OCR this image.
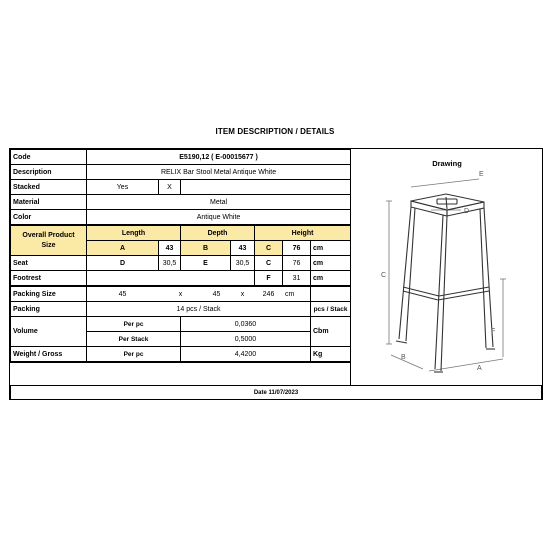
ITEM DESCRIPTION / DETAILS
Code	E5190,12 ( E-00015677 )							
Description	RELIX Bar Stool Metal Antique White							
Stacked	Yes	X						
Material	Metal							
Color	Antique White							
Overall Product
Size	Length		Depth			Height		
	A	43	B		43	C	76	cm
Seat	D	30,5	E		30,5	C	76	cm
Footrest						F	31	cm
Packing Size	45	x		45	x	246	cm	
Packing	14 pcs / Stack							pcs / Stack
Volume	Per pc		0,0360					Cbm
	Per Stack		0,5000					
Weight / Gross	Per pc		4,4200					Kg
Drawing
E
D
C
F
B
A
Date 11/07/2023
